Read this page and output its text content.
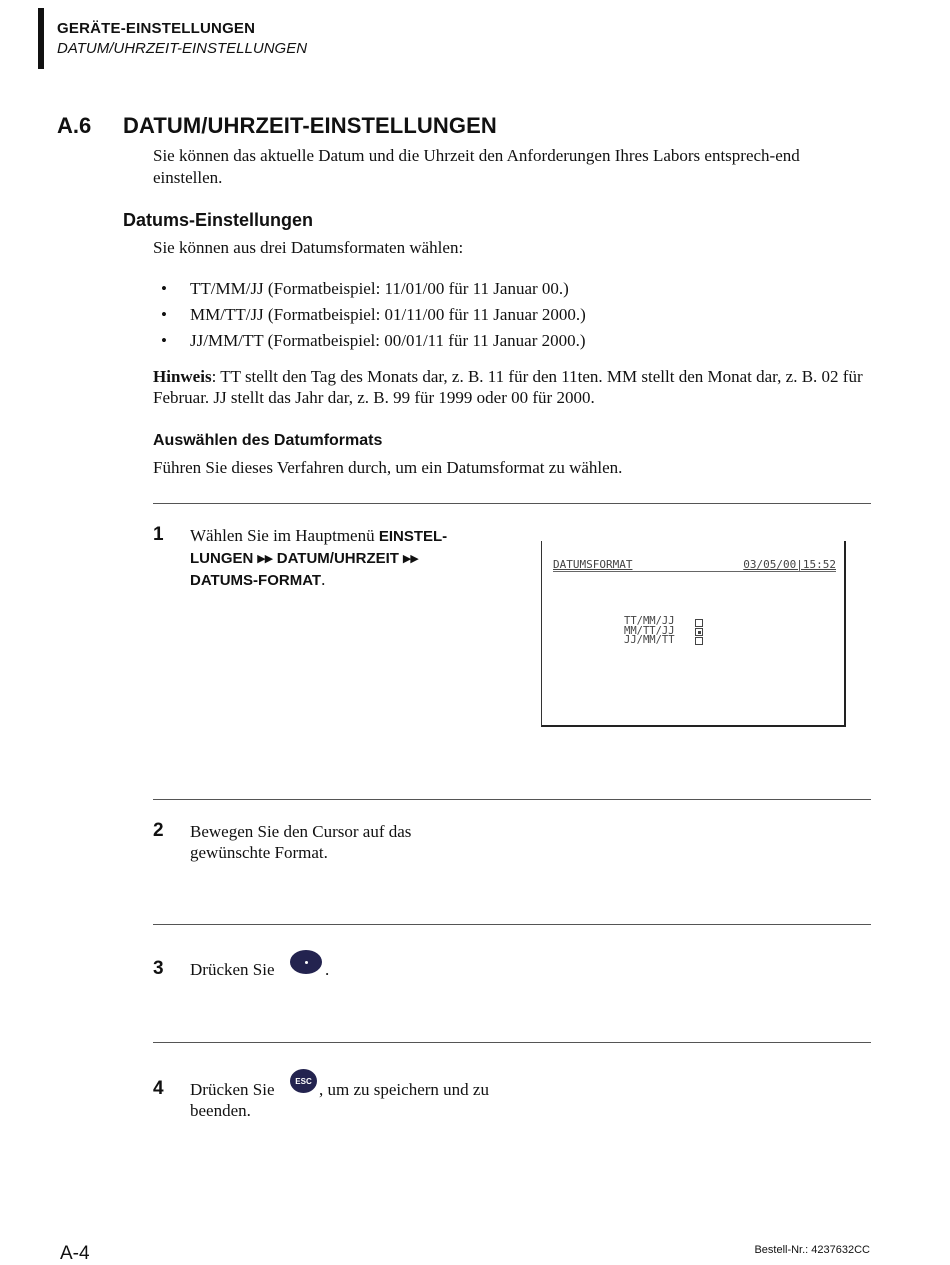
GERÄTE-EINSTELLUNGEN
DATUM/UHRZEIT-EINSTELLUNGEN
A.6 DATUM/UHRZEIT-EINSTELLUNGEN
Sie können das aktuelle Datum und die Uhrzeit den Anforderungen Ihres Labors entsprech-end einstellen.
Datums-Einstellungen
Sie können aus drei Datumsformaten wählen:
• TT/MM/JJ (Formatbeispiel: 11/01/00 für 11 Januar 00.)
• MM/TT/JJ (Formatbeispiel: 01/11/00 für 11 Januar 2000.)
• JJ/MM/TT (Formatbeispiel: 00/01/11 für 11 Januar 2000.)
Hinweis: TT stellt den Tag des Monats dar, z. B. 11 für den 11ten. MM stellt den Monat dar, z. B. 02 für Februar. JJ stellt das Jahr dar, z. B. 99 für 1999 oder 00 für 2000.
Auswählen des Datumformats
Führen Sie dieses Verfahren durch, um ein Datumsformat zu wählen.
1 Wählen Sie im Hauptmenü EINSTEL-LUNGEN ▸▸ DATUM/UHRZEIT ▸▸ DATUMS-FORMAT.
DATUMSFORMAT	03/05/00|15:52
TT/MM/JJ
MM/TT/JJ
JJ/MM/TT
2 Bewegen Sie den Cursor auf das gewünschte Format.
3 Drücken Sie	.
4 Drücken Sie	ESC , um zu speichern und zu beenden.
A-4	Bestell-Nr.: 4237632CC
